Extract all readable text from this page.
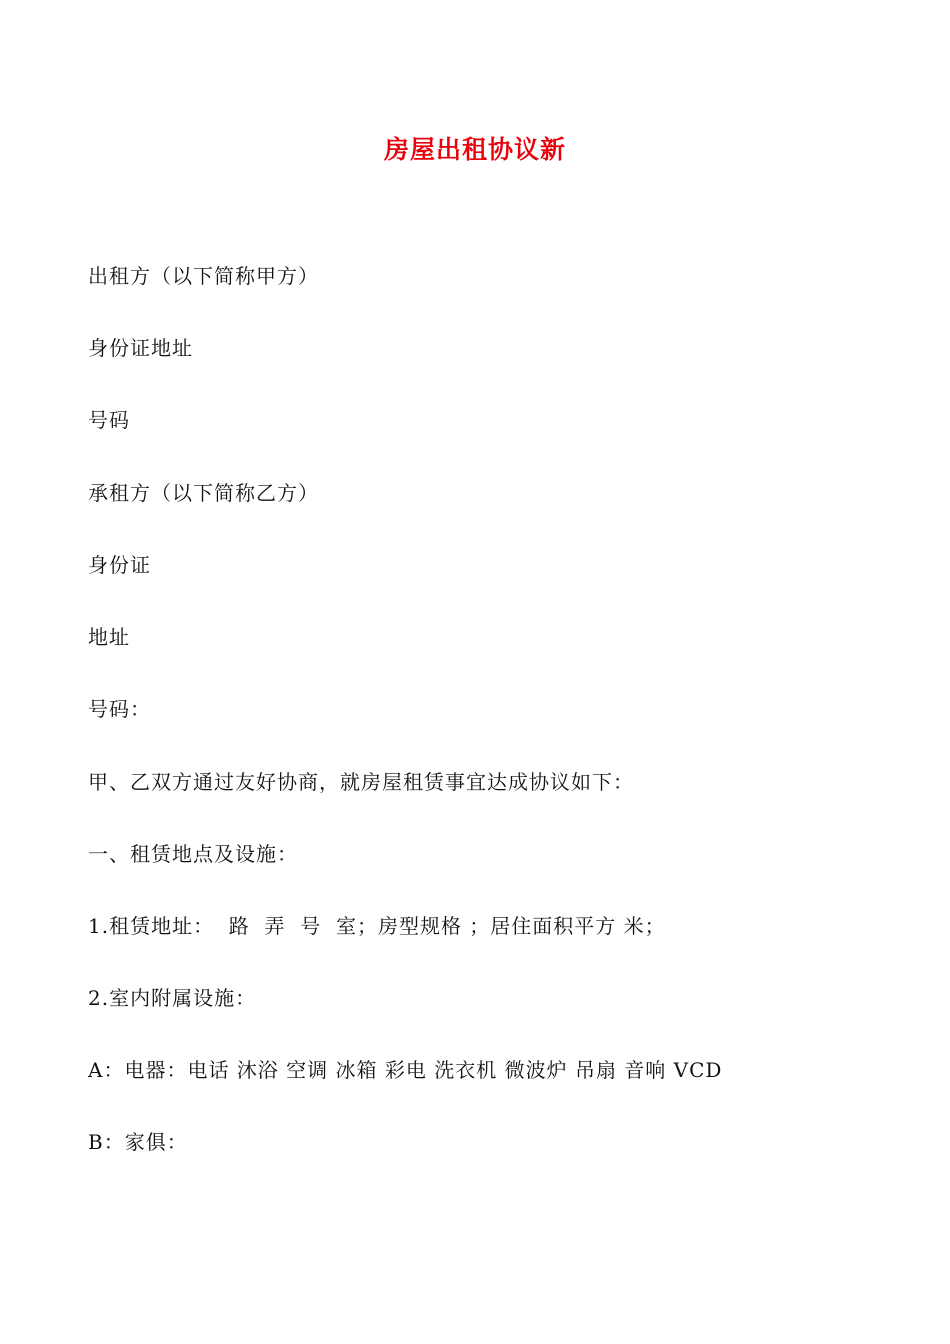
房屋出租协议新
出租方（以下简称甲方）
身份证地址
号码
承租方（以下简称乙方）
身份证
地址
号码：
甲、乙双方通过友好协商，就房屋租赁事宜达成协议如下：
一、租赁地点及设施：
1.租赁地址：  路  弄  号  室；房型规格 ；居住面积平方 米；
2.室内附属设施：
A：电器：电话 沐浴 空调 冰箱 彩电 洗衣机 微波炉 吊扇 音响 VCD
B：家俱：
